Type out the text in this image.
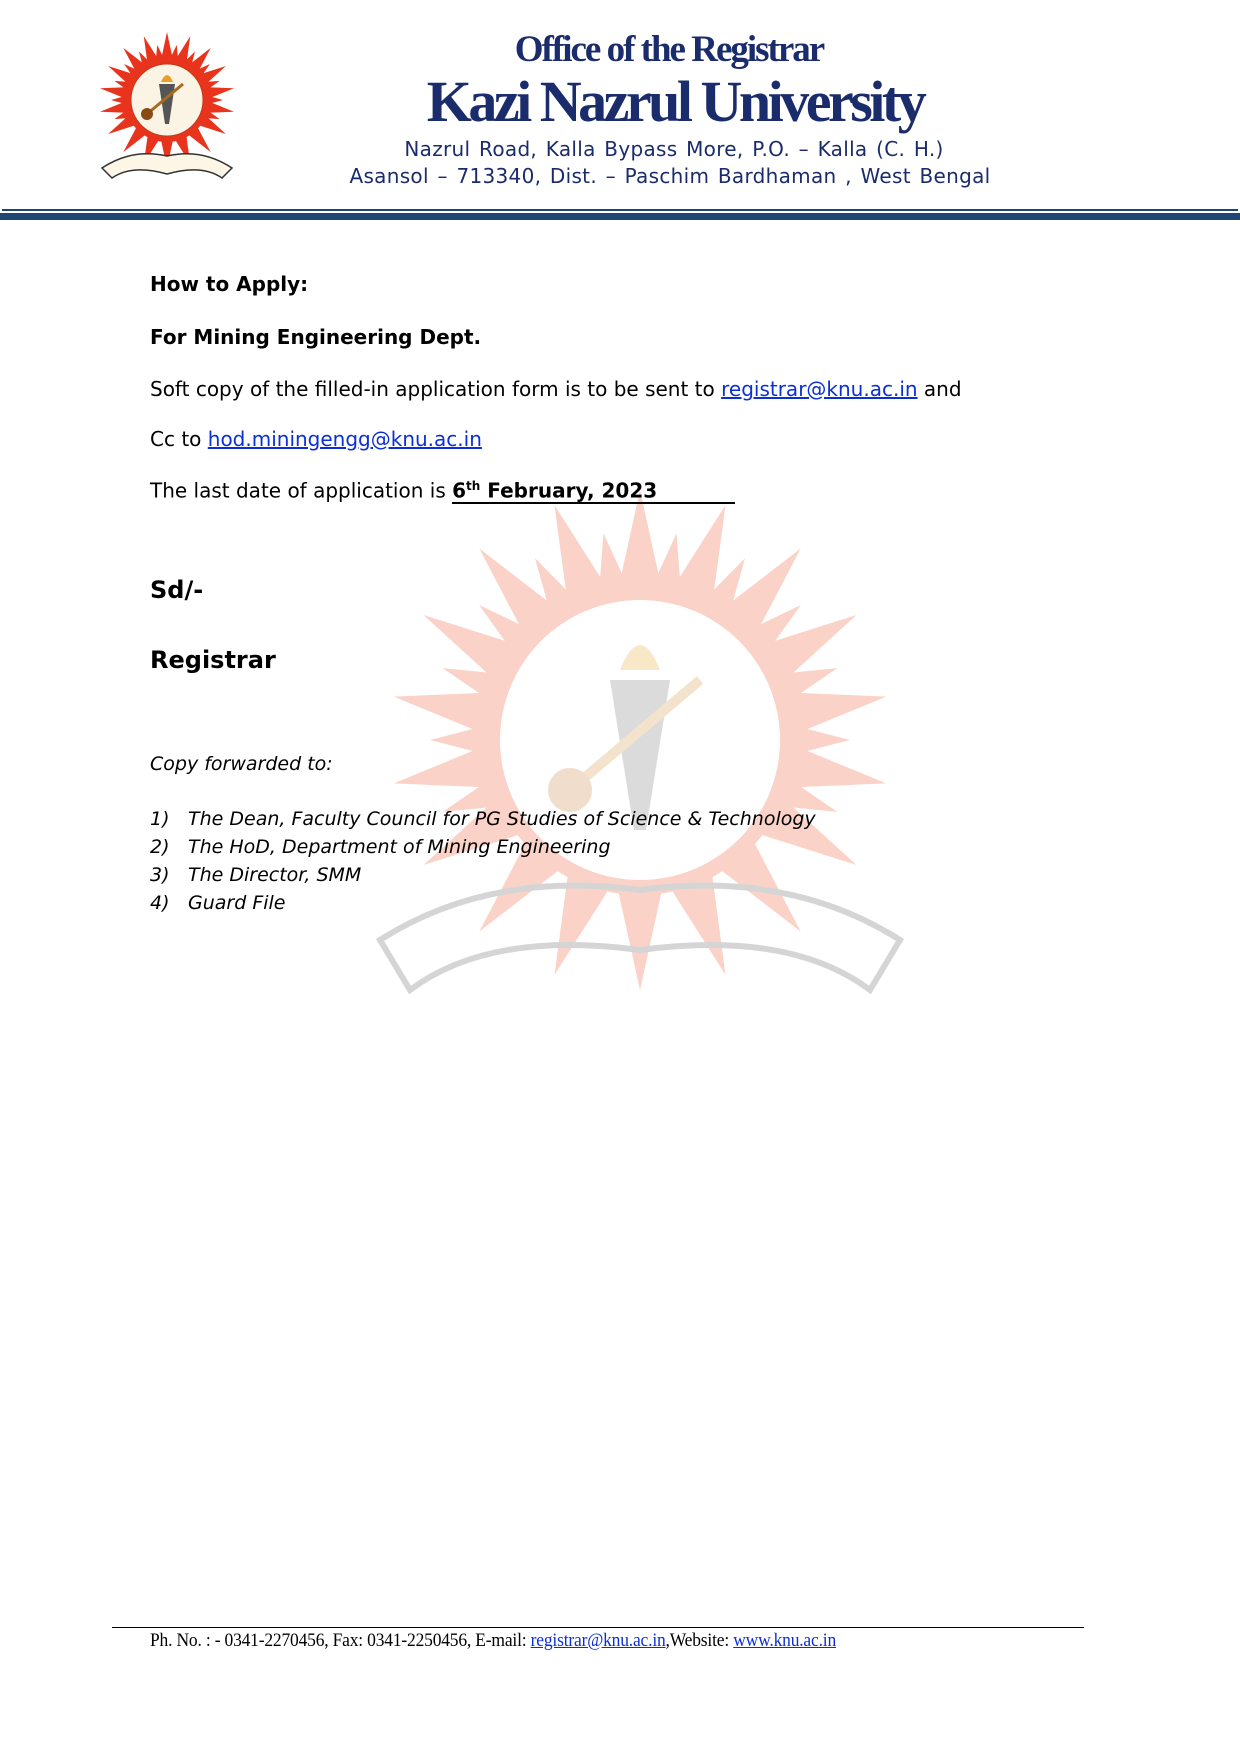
Office of the Registrar
Kazi Nazrul University
Nazrul Road, Kalla Bypass More, P.O. – Kalla (C. H.)
Asansol – 713340, Dist. – Paschim Bardhaman , West Bengal
How to Apply:
For Mining Engineering Dept.
Soft copy of the filled-in application form is to be sent to registrar@knu.ac.in and
Cc to hod.miningengg@knu.ac.in
The last date of application is 6th February, 2023
Sd/-
Registrar
Copy forwarded to:
1) The Dean, Faculty Council for PG Studies of Science & Technology
2) The HoD, Department of Mining Engineering
3) The Director, SMM
4) Guard File
Ph. No. : - 0341-2270456, Fax: 0341-2250456, E-mail: registrar@knu.ac.in,Website: www.knu.ac.in
